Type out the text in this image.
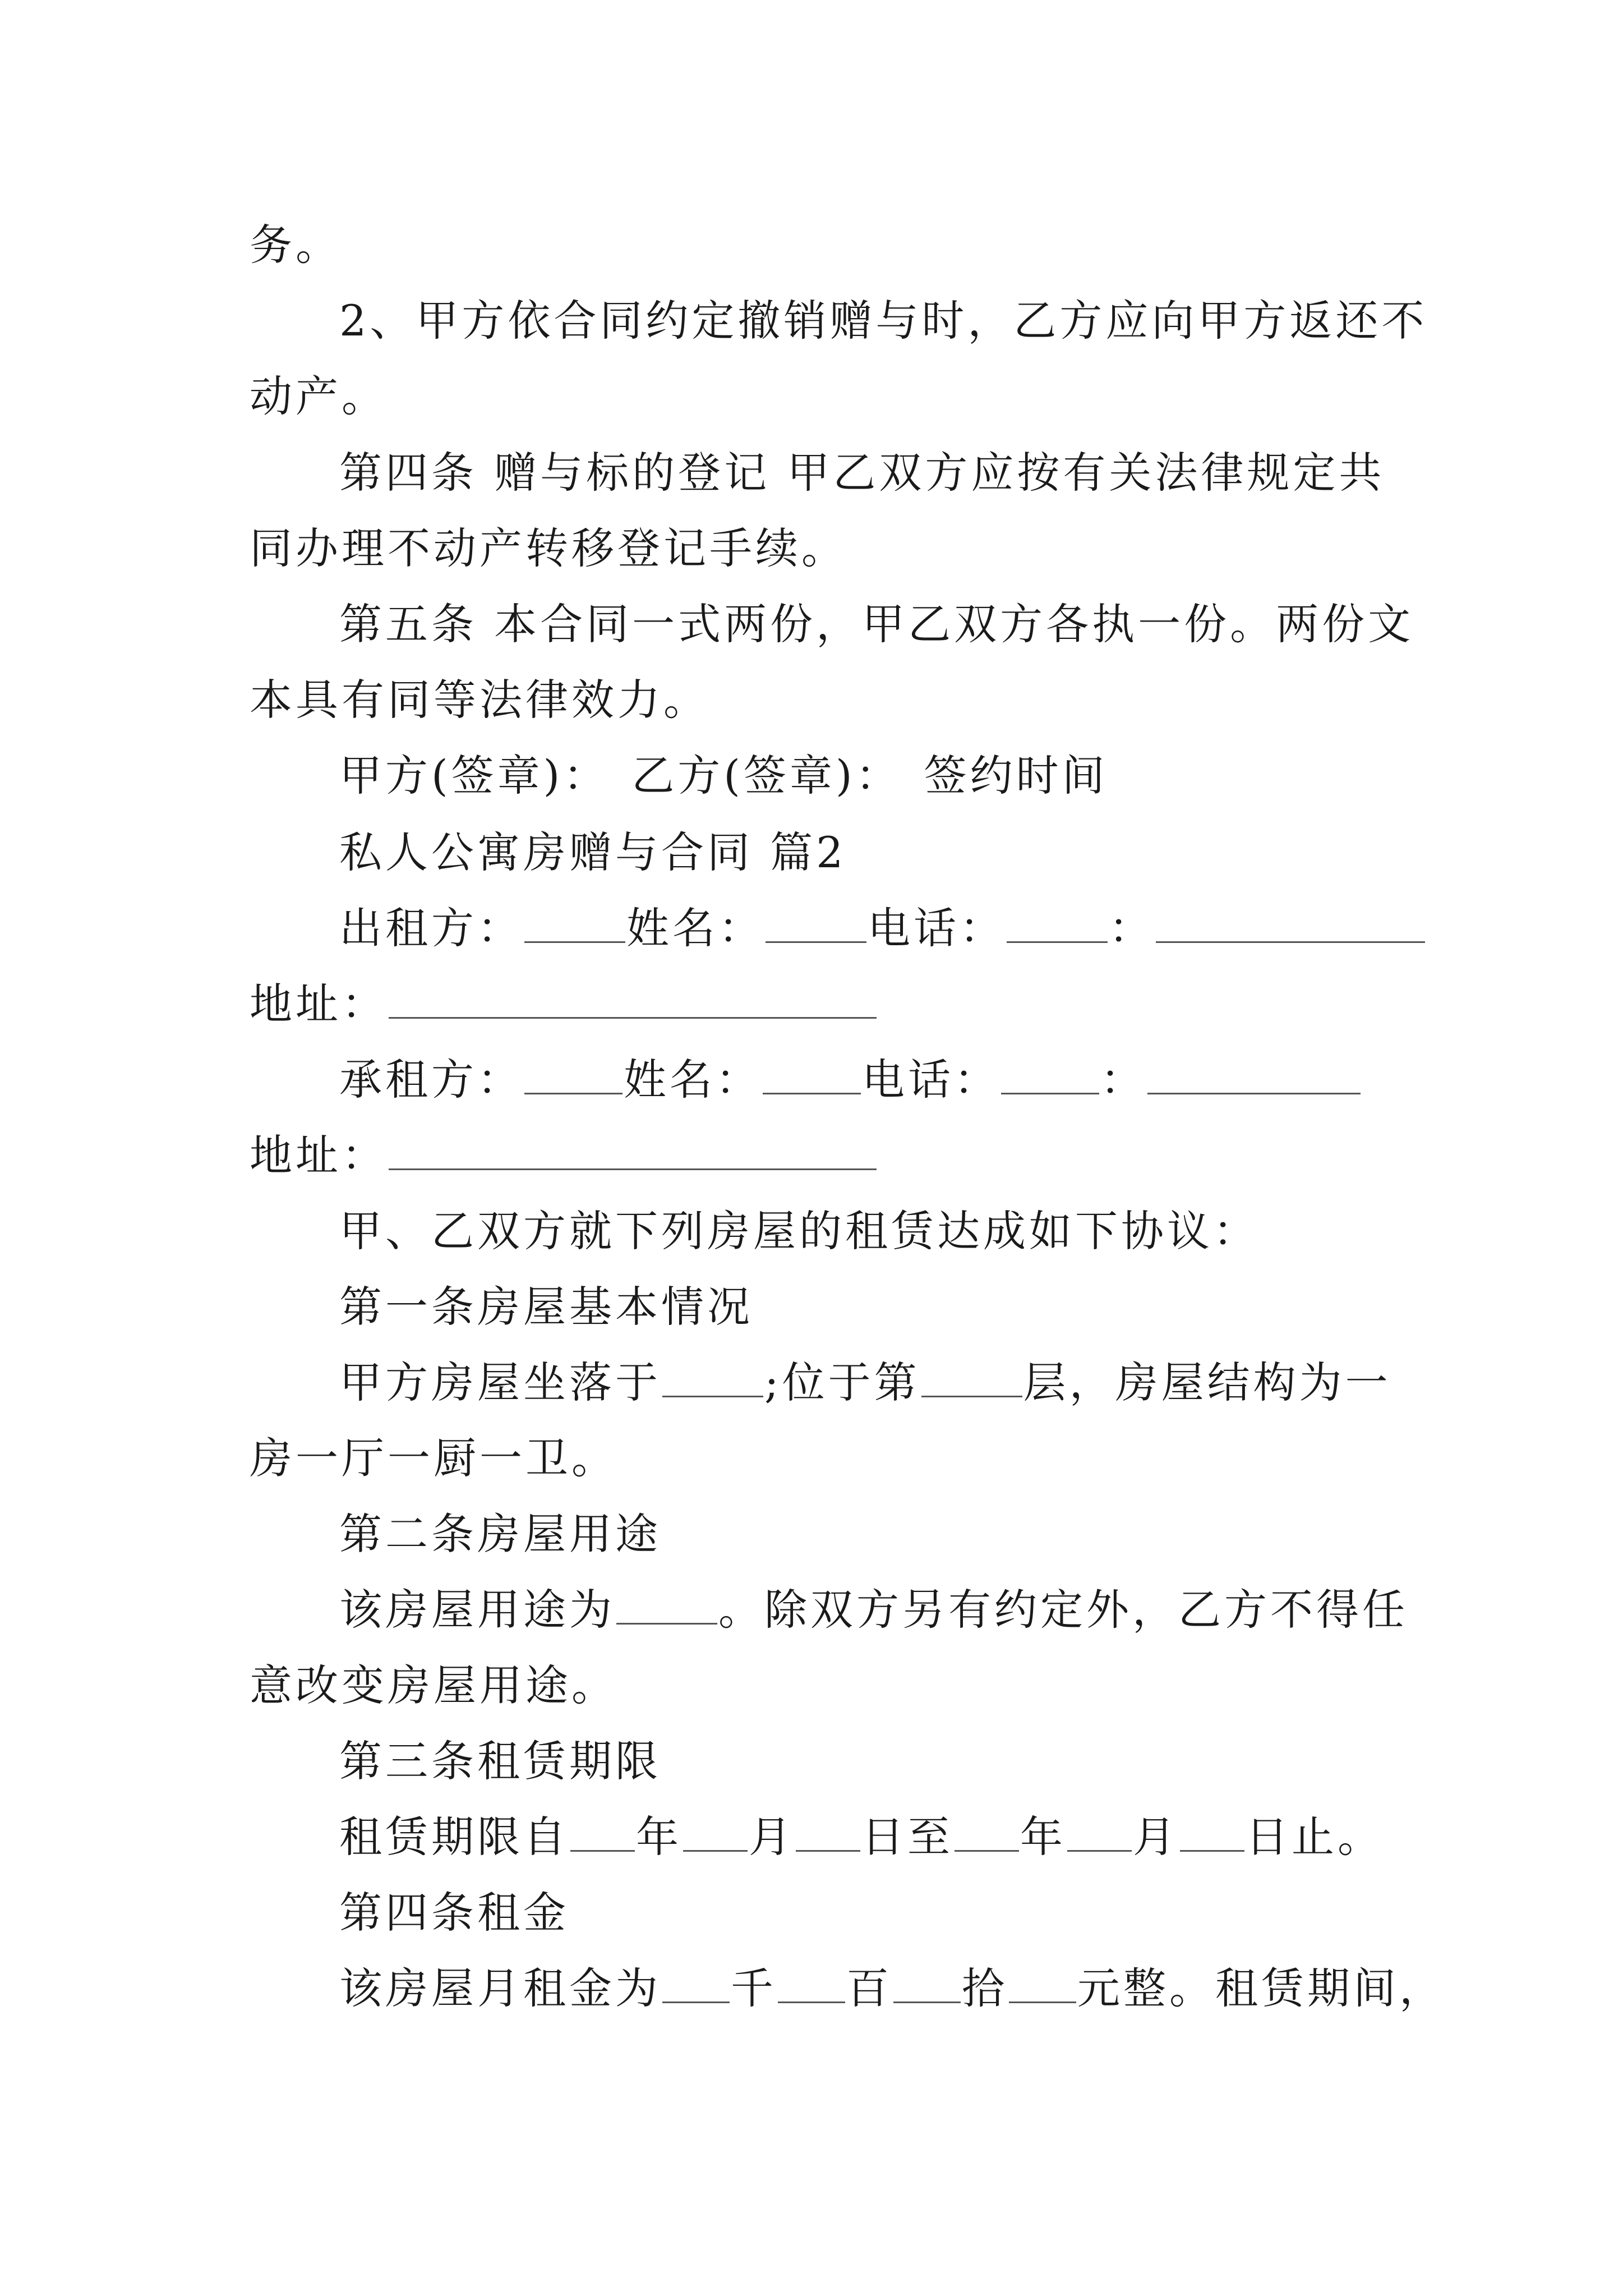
务。
2、甲方依合同约定撤销赠与时，乙方应向甲方返还不
动产。
第四条 赠与标的登记 甲乙双方应按有关法律规定共
同办理不动产转移登记手续。
第五条 本合同一式两份，甲乙双方各执一份。两份文
本具有同等法律效力。
甲方(签章)： 乙方(签章)： 签约时间
私人公寓房赠与合同 篇2
出租方： 姓名： 电话： ：
地址：
承租方： 姓名： 电话： ：
地址：
甲、乙双方就下列房屋的租赁达成如下协议：
第一条房屋基本情况
甲方房屋坐落于 ;位于第 层，房屋结构为一
房一厅一厨一卫。
第二条房屋用途
该房屋用途为 。除双方另有约定外，乙方不得任
意改变房屋用途。
第三条租赁期限
租赁期限自 年 月 日至 年 月 日止。
第四条租金
该房屋月租金为 千 百 拾 元整。租赁期间，
